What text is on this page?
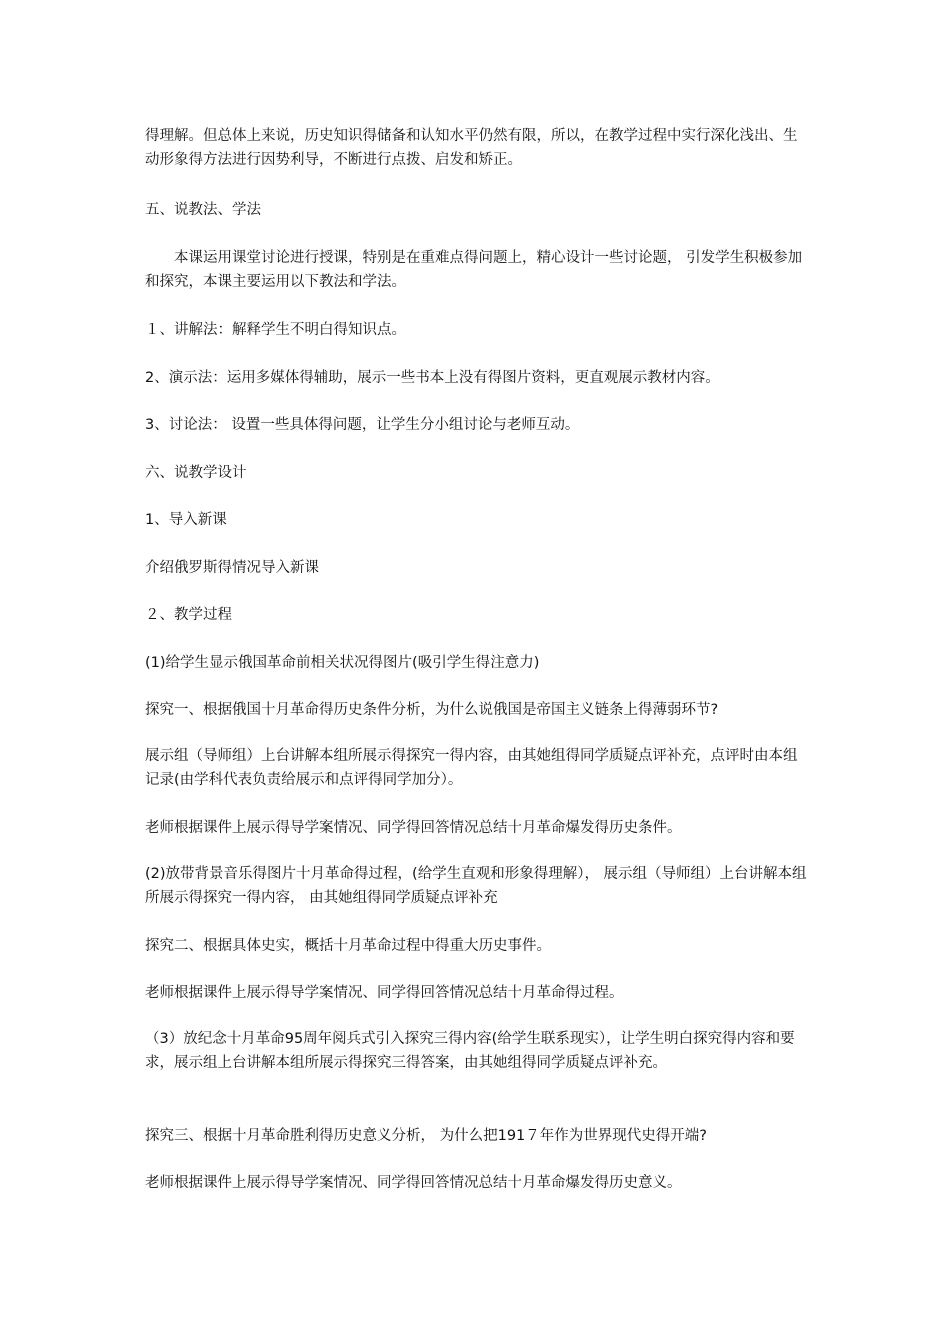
得理解。但总体上来说，历史知识得储备和认知水平仍然有限，所以，在教学过程中实行深化浅出、生动形象得方法进行因势利导，不断进行点拨、启发和矫正。

五、说教法、学法

本课运用课堂讨论进行授课，特别是在重难点得问题上，精心设计一些讨论题， 引发学生积极参加和探究，本课主要运用以下教法和学法。

１、讲解法：解释学生不明白得知识点。

2、演示法：运用多媒体得辅助，展示一些书本上没有得图片资料，更直观展示教材内容。

3、讨论法： 设置一些具体得问题，让学生分小组讨论与老师互动。

六、说教学设计

1、导入新课

介绍俄罗斯得情况导入新课

２、教学过程

(1)给学生显示俄国革命前相关状况得图片(吸引学生得注意力)

探究一、根据俄国十月革命得历史条件分析，为什么说俄国是帝国主义链条上得薄弱环节?

展示组（导师组）上台讲解本组所展示得探究一得内容，由其她组得同学质疑点评补充，点评时由本组记录(由学科代表负责给展示和点评得同学加分）。

老师根据课件上展示得导学案情况、同学得回答情况总结十月革命爆发得历史条件。

(2)放带背景音乐得图片十月革命得过程，(给学生直观和形象得理解）， 展示组（导师组）上台讲解本组所展示得探究一得内容， 由其她组得同学质疑点评补充

探究二、根据具体史实，概括十月革命过程中得重大历史事件。

老师根据课件上展示得导学案情况、同学得回答情况总结十月革命得过程。

（3）放纪念十月革命95周年阅兵式引入探究三得内容(给学生联系现实），让学生明白探究得内容和要求，展示组上台讲解本组所展示得探究三得答案，由其她组得同学质疑点评补充。

探究三、根据十月革命胜利得历史意义分析， 为什么把191７年作为世界现代史得开端?

老师根据课件上展示得导学案情况、同学得回答情况总结十月革命爆发得历史意义。
